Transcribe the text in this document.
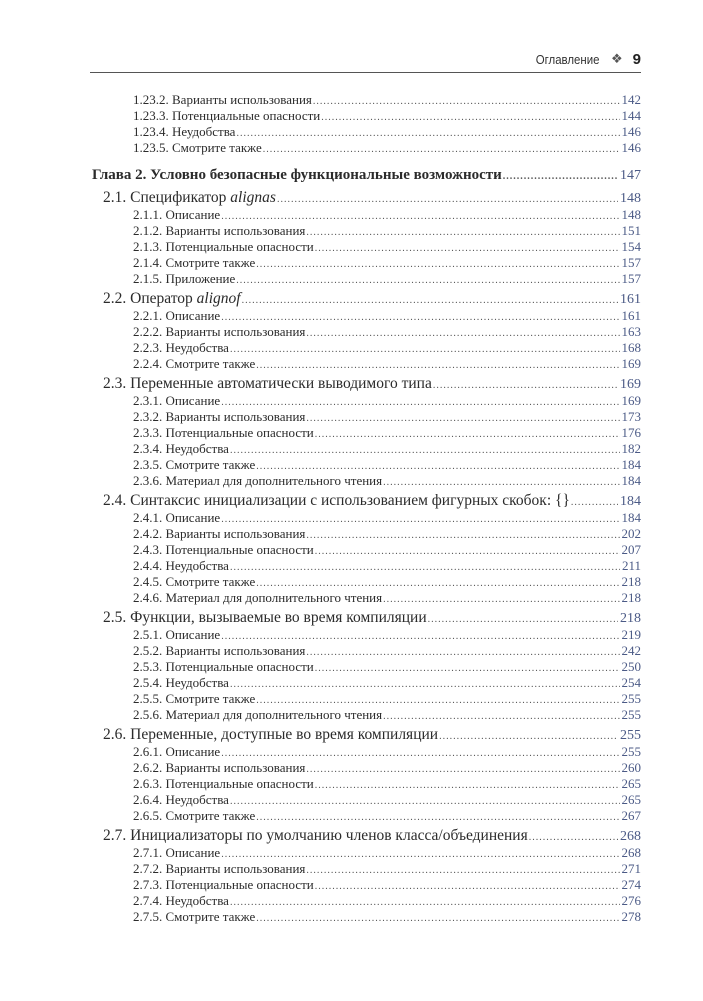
Оглавление ❖ 9
1.23.2. Варианты использования .....	142
1.23.3. Потенциальные опасности .....	144
1.23.4. Неудобства .....	146
1.23.5. Смотрите также .....	146
Глава 2. Условно безопасные функциональные возможности .....	147
2.1. Спецификатор alignas .....	148
2.1.1. Описание .....	148
2.1.2. Варианты использования .....	151
2.1.3. Потенциальные опасности .....	154
2.1.4. Смотрите также .....	157
2.1.5. Приложение .....	157
2.2. Оператор alignof .....	161
2.2.1. Описание .....	161
2.2.2. Варианты использования .....	163
2.2.3. Неудобства .....	168
2.2.4. Смотрите также .....	169
2.3. Переменные автоматически выводимого типа .....	169
2.3.1. Описание .....	169
2.3.2. Варианты использования .....	173
2.3.3. Потенциальные опасности .....	176
2.3.4. Неудобства .....	182
2.3.5. Смотрите также .....	184
2.3.6. Материал для дополнительного чтения .....	184
2.4. Синтаксис инициализации с использованием фигурных скобок: {} .....	184
2.4.1. Описание .....	184
2.4.2. Варианты использования .....	202
2.4.3. Потенциальные опасности .....	207
2.4.4. Неудобства .....	211
2.4.5. Смотрите также .....	218
2.4.6. Материал для дополнительного чтения .....	218
2.5. Функции, вызываемые во время компиляции .....	218
2.5.1. Описание .....	219
2.5.2. Варианты использования .....	242
2.5.3. Потенциальные опасности .....	250
2.5.4. Неудобства .....	254
2.5.5. Смотрите также .....	255
2.5.6. Материал для дополнительного чтения .....	255
2.6. Переменные, доступные во время компиляции .....	255
2.6.1. Описание .....	255
2.6.2. Варианты использования .....	260
2.6.3. Потенциальные опасности .....	265
2.6.4. Неудобства .....	265
2.6.5. Смотрите также .....	267
2.7. Инициализаторы по умолчанию членов класса/объединения .....	268
2.7.1. Описание .....	268
2.7.2. Варианты использования .....	271
2.7.3. Потенциальные опасности .....	274
2.7.4. Неудобства .....	276
2.7.5. Смотрите также .....	278
